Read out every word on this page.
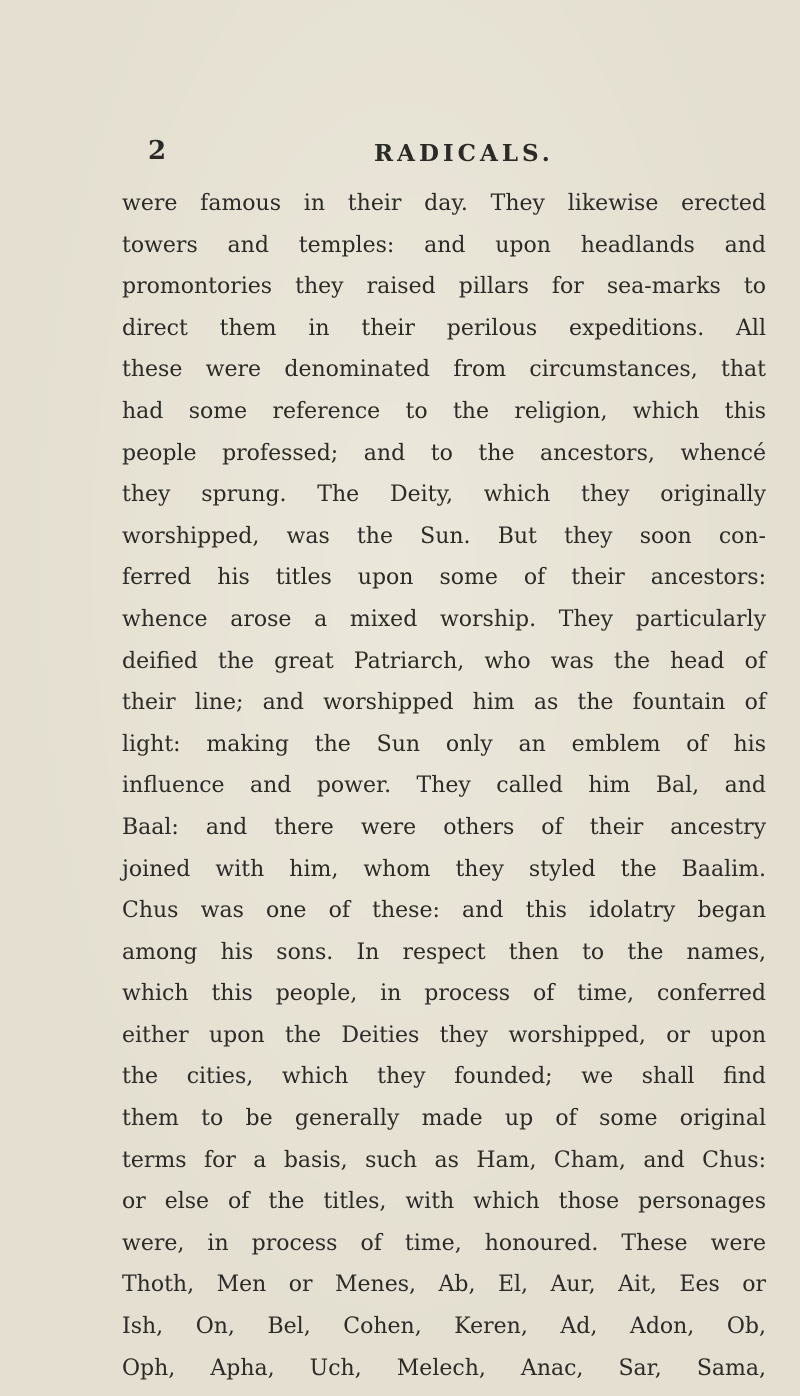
2	RADICALS.

were famous in their day. They likewise erected
towers and temples: and upon headlands and
promontories they raised pillars for sea-marks to
direct them in their perilous expeditions. All
these were denominated from circumstances, that
had some reference to the religion, which this
people professed; and to the ancestors, whencé
they sprung. The Deity, which they originally
worshipped, was the Sun. But they soon con-
ferred his titles upon some of their ancestors:
whence arose a mixed worship. They particularly
deified the great Patriarch, who was the head of
their line; and worshipped him as the fountain of
light: making the Sun only an emblem of his
influence and power. They called him Bal, and
Baal: and there were others of their ancestry
joined with him, whom they styled the Baalim.
Chus was one of these: and this idolatry began
among his sons. In respect then to the names,
which this people, in process of time, conferred
either upon the Deities they worshipped, or upon
the cities, which they founded; we shall find
them to be generally made up of some original
terms for a basis, such as Ham, Cham, and Chus:
or else of the titles, with which those personages
were, in process of time, honoured. These were
Thoth, Men or Menes, Ab, El, Aur, Ait, Ees or
Ish, On, Bel, Cohen, Keren, Ad, Adon, Ob,
Oph, Apha, Uch, Melech, Anac, Sar, Sama,
